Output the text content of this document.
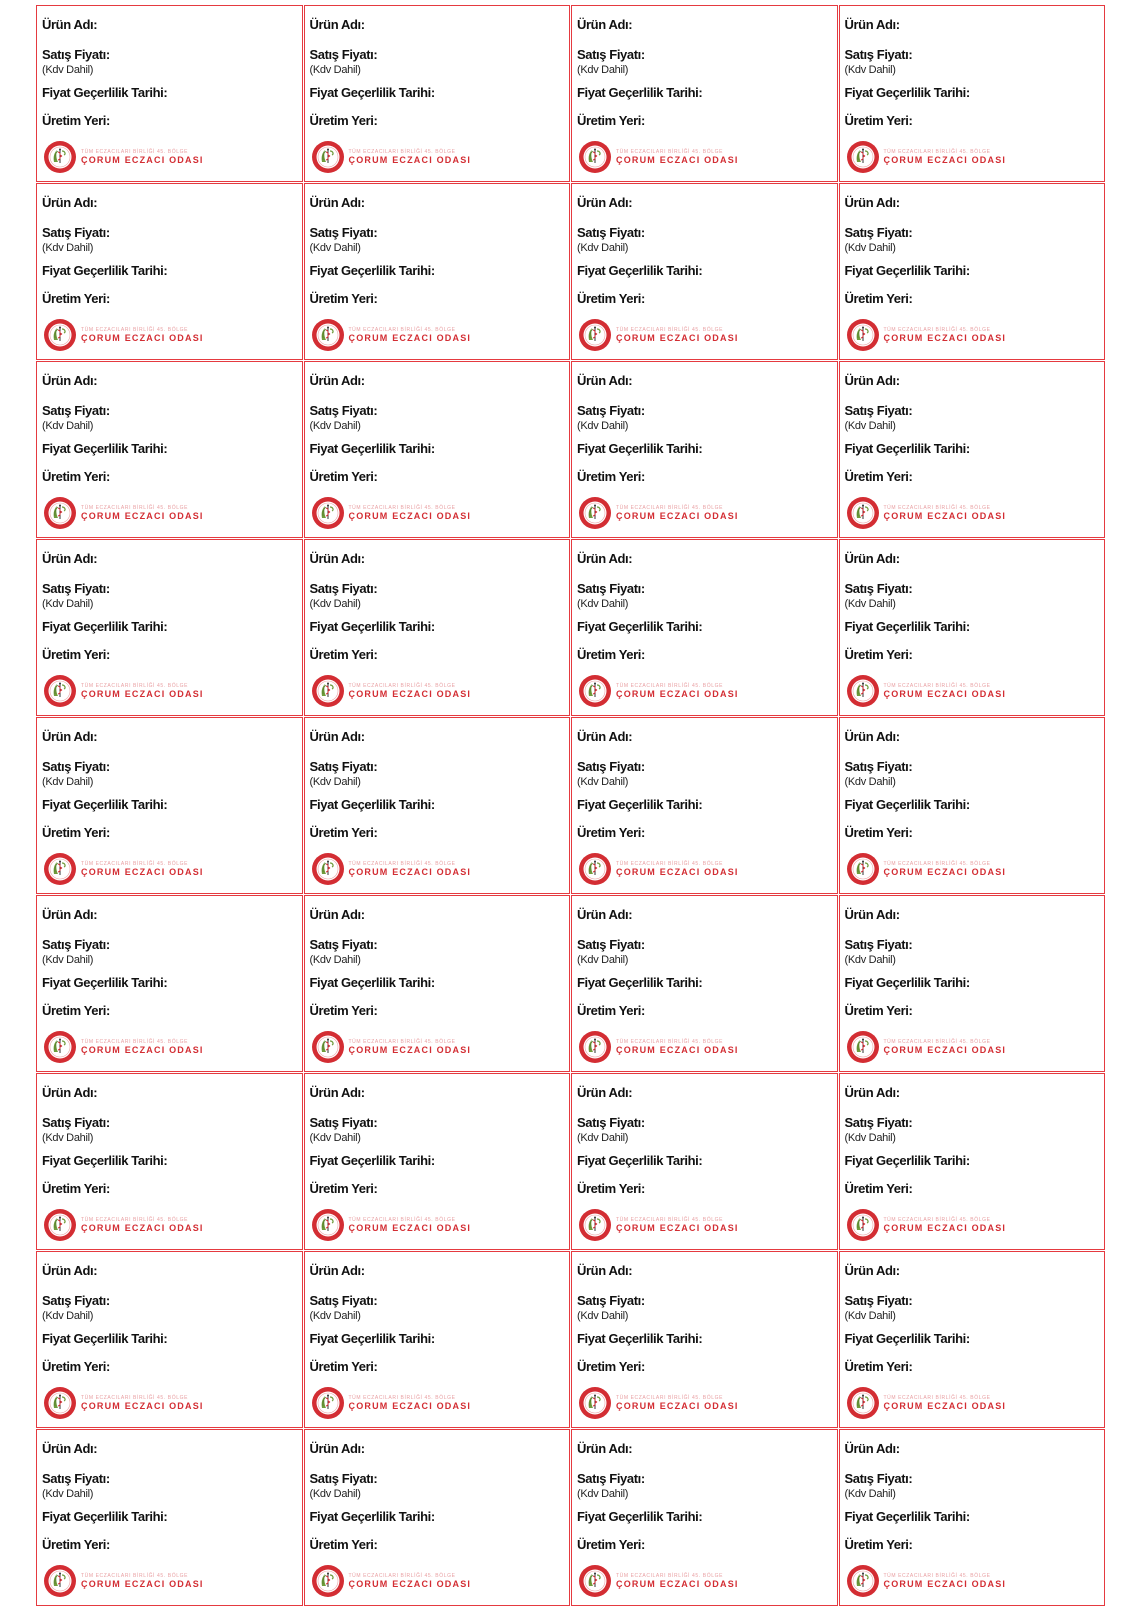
Ürün Adı:
Satış Fiyatı:
(Kdv Dahil)
Fiyat Geçerlilik Tarihi:
Üretim Yeri:
TÜM ECZACILARI BİRLİĞİ 45. BÖLGE
ÇORUM ECZACI ODASI
Ürün Adı:
Satış Fiyatı:
(Kdv Dahil)
Fiyat Geçerlilik Tarihi:
Üretim Yeri:
TÜM ECZACILARI BİRLİĞİ 45. BÖLGE
ÇORUM ECZACI ODASI
Ürün Adı:
Satış Fiyatı:
(Kdv Dahil)
Fiyat Geçerlilik Tarihi:
Üretim Yeri:
TÜM ECZACILARI BİRLİĞİ 45. BÖLGE
ÇORUM ECZACI ODASI
Ürün Adı:
Satış Fiyatı:
(Kdv Dahil)
Fiyat Geçerlilik Tarihi:
Üretim Yeri:
TÜM ECZACILARI BİRLİĞİ 45. BÖLGE
ÇORUM ECZACI ODASI
Ürün Adı:
Satış Fiyatı:
(Kdv Dahil)
Fiyat Geçerlilik Tarihi:
Üretim Yeri:
TÜM ECZACILARI BİRLİĞİ 45. BÖLGE
ÇORUM ECZACI ODASI
Ürün Adı:
Satış Fiyatı:
(Kdv Dahil)
Fiyat Geçerlilik Tarihi:
Üretim Yeri:
TÜM ECZACILARI BİRLİĞİ 45. BÖLGE
ÇORUM ECZACI ODASI
Ürün Adı:
Satış Fiyatı:
(Kdv Dahil)
Fiyat Geçerlilik Tarihi:
Üretim Yeri:
TÜM ECZACILARI BİRLİĞİ 45. BÖLGE
ÇORUM ECZACI ODASI
Ürün Adı:
Satış Fiyatı:
(Kdv Dahil)
Fiyat Geçerlilik Tarihi:
Üretim Yeri:
TÜM ECZACILARI BİRLİĞİ 45. BÖLGE
ÇORUM ECZACI ODASI
Ürün Adı:
Satış Fiyatı:
(Kdv Dahil)
Fiyat Geçerlilik Tarihi:
Üretim Yeri:
TÜM ECZACILARI BİRLİĞİ 45. BÖLGE
ÇORUM ECZACI ODASI
Ürün Adı:
Satış Fiyatı:
(Kdv Dahil)
Fiyat Geçerlilik Tarihi:
Üretim Yeri:
TÜM ECZACILARI BİRLİĞİ 45. BÖLGE
ÇORUM ECZACI ODASI
Ürün Adı:
Satış Fiyatı:
(Kdv Dahil)
Fiyat Geçerlilik Tarihi:
Üretim Yeri:
TÜM ECZACILARI BİRLİĞİ 45. BÖLGE
ÇORUM ECZACI ODASI
Ürün Adı:
Satış Fiyatı:
(Kdv Dahil)
Fiyat Geçerlilik Tarihi:
Üretim Yeri:
TÜM ECZACILARI BİRLİĞİ 45. BÖLGE
ÇORUM ECZACI ODASI
Ürün Adı:
Satış Fiyatı:
(Kdv Dahil)
Fiyat Geçerlilik Tarihi:
Üretim Yeri:
TÜM ECZACILARI BİRLİĞİ 45. BÖLGE
ÇORUM ECZACI ODASI
Ürün Adı:
Satış Fiyatı:
(Kdv Dahil)
Fiyat Geçerlilik Tarihi:
Üretim Yeri:
TÜM ECZACILARI BİRLİĞİ 45. BÖLGE
ÇORUM ECZACI ODASI
Ürün Adı:
Satış Fiyatı:
(Kdv Dahil)
Fiyat Geçerlilik Tarihi:
Üretim Yeri:
TÜM ECZACILARI BİRLİĞİ 45. BÖLGE
ÇORUM ECZACI ODASI
Ürün Adı:
Satış Fiyatı:
(Kdv Dahil)
Fiyat Geçerlilik Tarihi:
Üretim Yeri:
TÜM ECZACILARI BİRLİĞİ 45. BÖLGE
ÇORUM ECZACI ODASI
Ürün Adı:
Satış Fiyatı:
(Kdv Dahil)
Fiyat Geçerlilik Tarihi:
Üretim Yeri:
TÜM ECZACILARI BİRLİĞİ 45. BÖLGE
ÇORUM ECZACI ODASI
Ürün Adı:
Satış Fiyatı:
(Kdv Dahil)
Fiyat Geçerlilik Tarihi:
Üretim Yeri:
TÜM ECZACILARI BİRLİĞİ 45. BÖLGE
ÇORUM ECZACI ODASI
Ürün Adı:
Satış Fiyatı:
(Kdv Dahil)
Fiyat Geçerlilik Tarihi:
Üretim Yeri:
TÜM ECZACILARI BİRLİĞİ 45. BÖLGE
ÇORUM ECZACI ODASI
Ürün Adı:
Satış Fiyatı:
(Kdv Dahil)
Fiyat Geçerlilik Tarihi:
Üretim Yeri:
TÜM ECZACILARI BİRLİĞİ 45. BÖLGE
ÇORUM ECZACI ODASI
Ürün Adı:
Satış Fiyatı:
(Kdv Dahil)
Fiyat Geçerlilik Tarihi:
Üretim Yeri:
TÜM ECZACILARI BİRLİĞİ 45. BÖLGE
ÇORUM ECZACI ODASI
Ürün Adı:
Satış Fiyatı:
(Kdv Dahil)
Fiyat Geçerlilik Tarihi:
Üretim Yeri:
TÜM ECZACILARI BİRLİĞİ 45. BÖLGE
ÇORUM ECZACI ODASI
Ürün Adı:
Satış Fiyatı:
(Kdv Dahil)
Fiyat Geçerlilik Tarihi:
Üretim Yeri:
TÜM ECZACILARI BİRLİĞİ 45. BÖLGE
ÇORUM ECZACI ODASI
Ürün Adı:
Satış Fiyatı:
(Kdv Dahil)
Fiyat Geçerlilik Tarihi:
Üretim Yeri:
TÜM ECZACILARI BİRLİĞİ 45. BÖLGE
ÇORUM ECZACI ODASI
Ürün Adı:
Satış Fiyatı:
(Kdv Dahil)
Fiyat Geçerlilik Tarihi:
Üretim Yeri:
TÜM ECZACILARI BİRLİĞİ 45. BÖLGE
ÇORUM ECZACI ODASI
Ürün Adı:
Satış Fiyatı:
(Kdv Dahil)
Fiyat Geçerlilik Tarihi:
Üretim Yeri:
TÜM ECZACILARI BİRLİĞİ 45. BÖLGE
ÇORUM ECZACI ODASI
Ürün Adı:
Satış Fiyatı:
(Kdv Dahil)
Fiyat Geçerlilik Tarihi:
Üretim Yeri:
TÜM ECZACILARI BİRLİĞİ 45. BÖLGE
ÇORUM ECZACI ODASI
Ürün Adı:
Satış Fiyatı:
(Kdv Dahil)
Fiyat Geçerlilik Tarihi:
Üretim Yeri:
TÜM ECZACILARI BİRLİĞİ 45. BÖLGE
ÇORUM ECZACI ODASI
Ürün Adı:
Satış Fiyatı:
(Kdv Dahil)
Fiyat Geçerlilik Tarihi:
Üretim Yeri:
TÜM ECZACILARI BİRLİĞİ 45. BÖLGE
ÇORUM ECZACI ODASI
Ürün Adı:
Satış Fiyatı:
(Kdv Dahil)
Fiyat Geçerlilik Tarihi:
Üretim Yeri:
TÜM ECZACILARI BİRLİĞİ 45. BÖLGE
ÇORUM ECZACI ODASI
Ürün Adı:
Satış Fiyatı:
(Kdv Dahil)
Fiyat Geçerlilik Tarihi:
Üretim Yeri:
TÜM ECZACILARI BİRLİĞİ 45. BÖLGE
ÇORUM ECZACI ODASI
Ürün Adı:
Satış Fiyatı:
(Kdv Dahil)
Fiyat Geçerlilik Tarihi:
Üretim Yeri:
TÜM ECZACILARI BİRLİĞİ 45. BÖLGE
ÇORUM ECZACI ODASI
Ürün Adı:
Satış Fiyatı:
(Kdv Dahil)
Fiyat Geçerlilik Tarihi:
Üretim Yeri:
TÜM ECZACILARI BİRLİĞİ 45. BÖLGE
ÇORUM ECZACI ODASI
Ürün Adı:
Satış Fiyatı:
(Kdv Dahil)
Fiyat Geçerlilik Tarihi:
Üretim Yeri:
TÜM ECZACILARI BİRLİĞİ 45. BÖLGE
ÇORUM ECZACI ODASI
Ürün Adı:
Satış Fiyatı:
(Kdv Dahil)
Fiyat Geçerlilik Tarihi:
Üretim Yeri:
TÜM ECZACILARI BİRLİĞİ 45. BÖLGE
ÇORUM ECZACI ODASI
Ürün Adı:
Satış Fiyatı:
(Kdv Dahil)
Fiyat Geçerlilik Tarihi:
Üretim Yeri:
TÜM ECZACILARI BİRLİĞİ 45. BÖLGE
ÇORUM ECZACI ODASI
